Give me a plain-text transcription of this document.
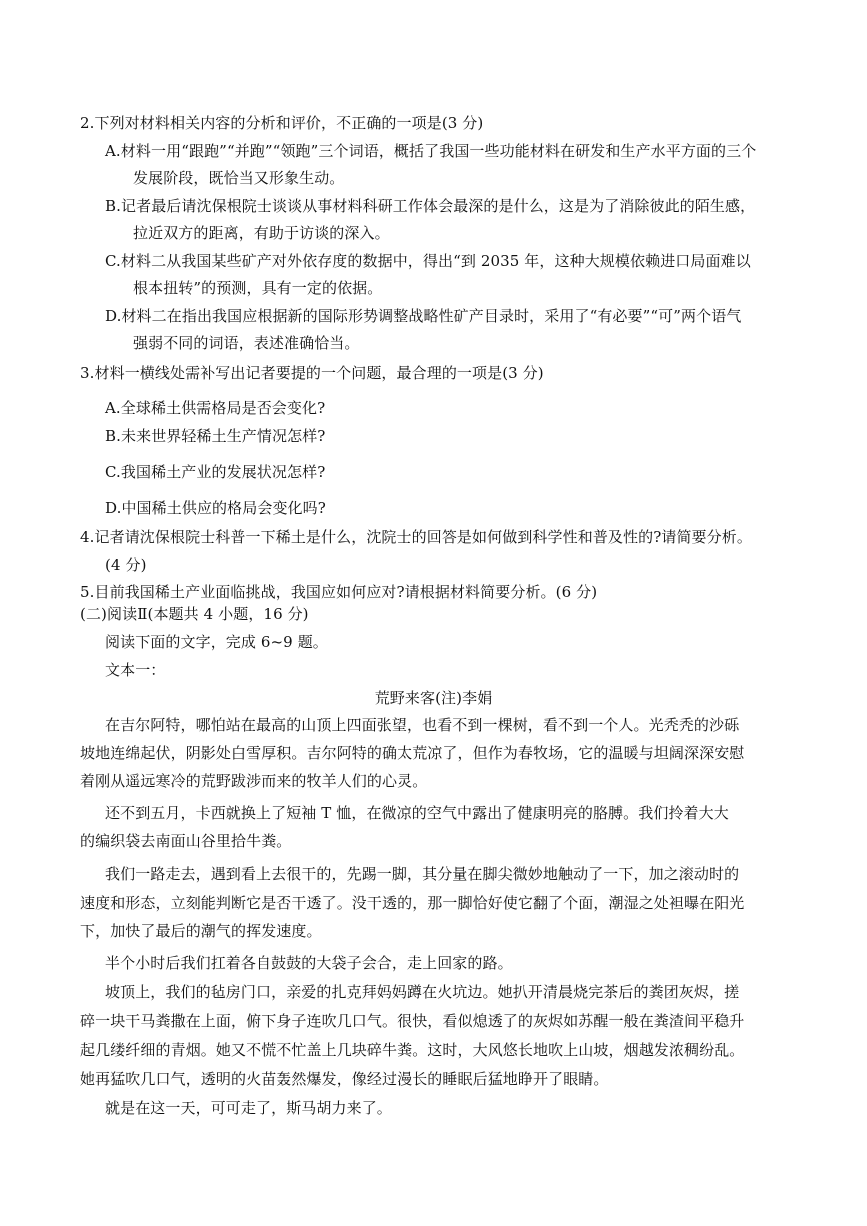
2.下列对材料相关内容的分析和评价，不正确的一项是(3 分)
A.材料一用“跟跑”“并跑”“领跑”三个词语，概括了我国一些功能材料在研发和生产水平方面的三个
发展阶段，既恰当又形象生动。
B.记者最后请沈保根院士谈谈从事材料科研工作体会最深的是什么，这是为了消除彼此的陌生感，
拉近双方的距离，有助于访谈的深入。
C.材料二从我国某些矿产对外依存度的数据中，得出“到 2035 年，这种大规模依赖进口局面难以
根本扭转”的预测，具有一定的依据。
D.材料二在指出我国应根据新的国际形势调整战略性矿产目录时，采用了“有必要”“可”两个语气
强弱不同的词语，表述准确恰当。
3.材料一横线处需补写出记者要提的一个问题，最合理的一项是(3 分)
A.全球稀土供需格局是否会变化?
B.未来世界轻稀土生产情况怎样?
C.我国稀土产业的发展状况怎样?
D.中国稀土供应的格局会变化吗?
4.记者请沈保根院士科普一下稀土是什么，沈院士的回答是如何做到科学性和普及性的?请简要分析。
(4 分)
5.目前我国稀土产业面临挑战，我国应如何应对?请根据材料简要分析。(6 分)
(二)阅读Ⅱ(本题共 4 小题，16 分)
阅读下面的文字，完成 6~9 题。
文本一：
荒野来客(注)李娟
在吉尔阿特，哪怕站在最高的山顶上四面张望，也看不到一棵树，看不到一个人。光秃秃的沙砾
坡地连绵起伏，阴影处白雪厚积。吉尔阿特的确太荒凉了，但作为春牧场，它的温暖与坦阔深深安慰
着刚从遥远寒冷的荒野跋涉而来的牧羊人们的心灵。
还不到五月，卡西就换上了短袖 T 恤，在微凉的空气中露出了健康明亮的胳膊。我们拎着大大
的编织袋去南面山谷里拾牛粪。
我们一路走去，遇到看上去很干的，先踢一脚，其分量在脚尖微妙地触动了一下，加之滚动时的
速度和形态，立刻能判断它是否干透了。没干透的，那一脚恰好使它翻了个面，潮湿之处袒曝在阳光
下，加快了最后的潮气的挥发速度。
半个小时后我们扛着各自鼓鼓的大袋子会合，走上回家的路。
坡顶上，我们的毡房门口，亲爱的扎克拜妈妈蹲在火坑边。她扒开清晨烧完茶后的粪团灰烬，搓
碎一块干马粪撒在上面，俯下身子连吹几口气。很快，看似熄透了的灰烬如苏醒一般在粪渣间平稳升
起几缕纤细的青烟。她又不慌不忙盖上几块碎牛粪。这时，大风悠长地吹上山坡，烟越发浓稠纷乱。
她再猛吹几口气，透明的火苗轰然爆发，像经过漫长的睡眠后猛地睁开了眼睛。
就是在这一天，可可走了，斯马胡力来了。
